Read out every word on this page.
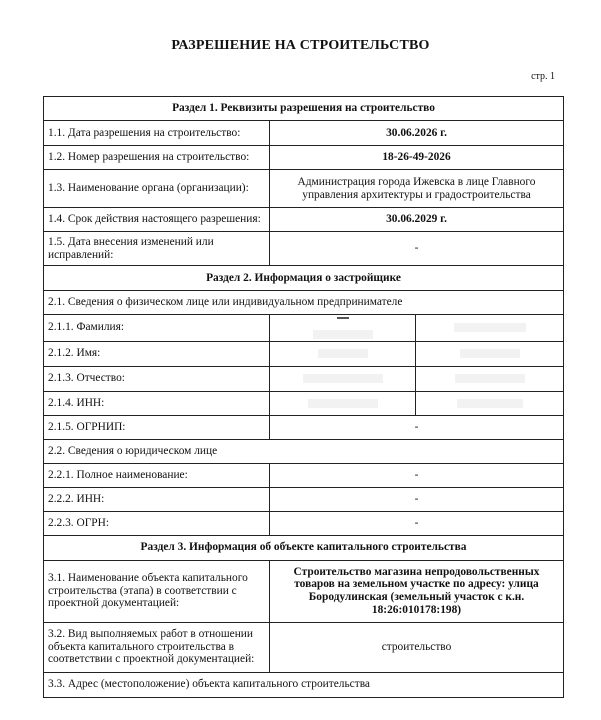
РАЗРЕШЕНИЕ НА СТРОИТЕЛЬСТВО
стр. 1
Раздел 1. Реквизиты разрешения на строительство		
1.1. Дата разрешения на строительство:	30.06.2026 г.	
1.2. Номер разрешения на строительство:	18-26-49-2026	
1.3. Наименование органа (организации):	Администрация города Ижевска в лице Главного управления архитектуры и градостроительства	
1.4. Срок действия настоящего разрешения:	30.06.2029 г.	
1.5. Дата внесения изменений или исправлений:	-	
Раздел 2. Информация о застройщике		
2.1. Сведения о физическом лице или индивидуальном предпринимателе		
2.1.1. Фамилия:	

2.1.2. Имя:		
2.1.3. Отчество:		
2.1.4. ИНН:		
2.1.5. ОГРНИП:	-	
2.2. Сведения о юридическом лице		
2.2.1. Полное наименование:	-	
2.2.2. ИНН:	-	
2.2.3. ОГРН:	-	
Раздел 3. Информация об объекте капитального строительства		
3.1. Наименование объекта капитального строительства (этапа) в соответствии с проектной документацией:	Строительство магазина непродовольственных товаров на земельном участке по адресу: улица Бородулинская (земельный участок с к.н. 18:26:010178:198)	
3.2. Вид выполняемых работ в отношении объекта капитального строительства в соответствии с проектной документацией:	строительство	
3.3. Адрес (местоположение) объекта капитального строительства		
